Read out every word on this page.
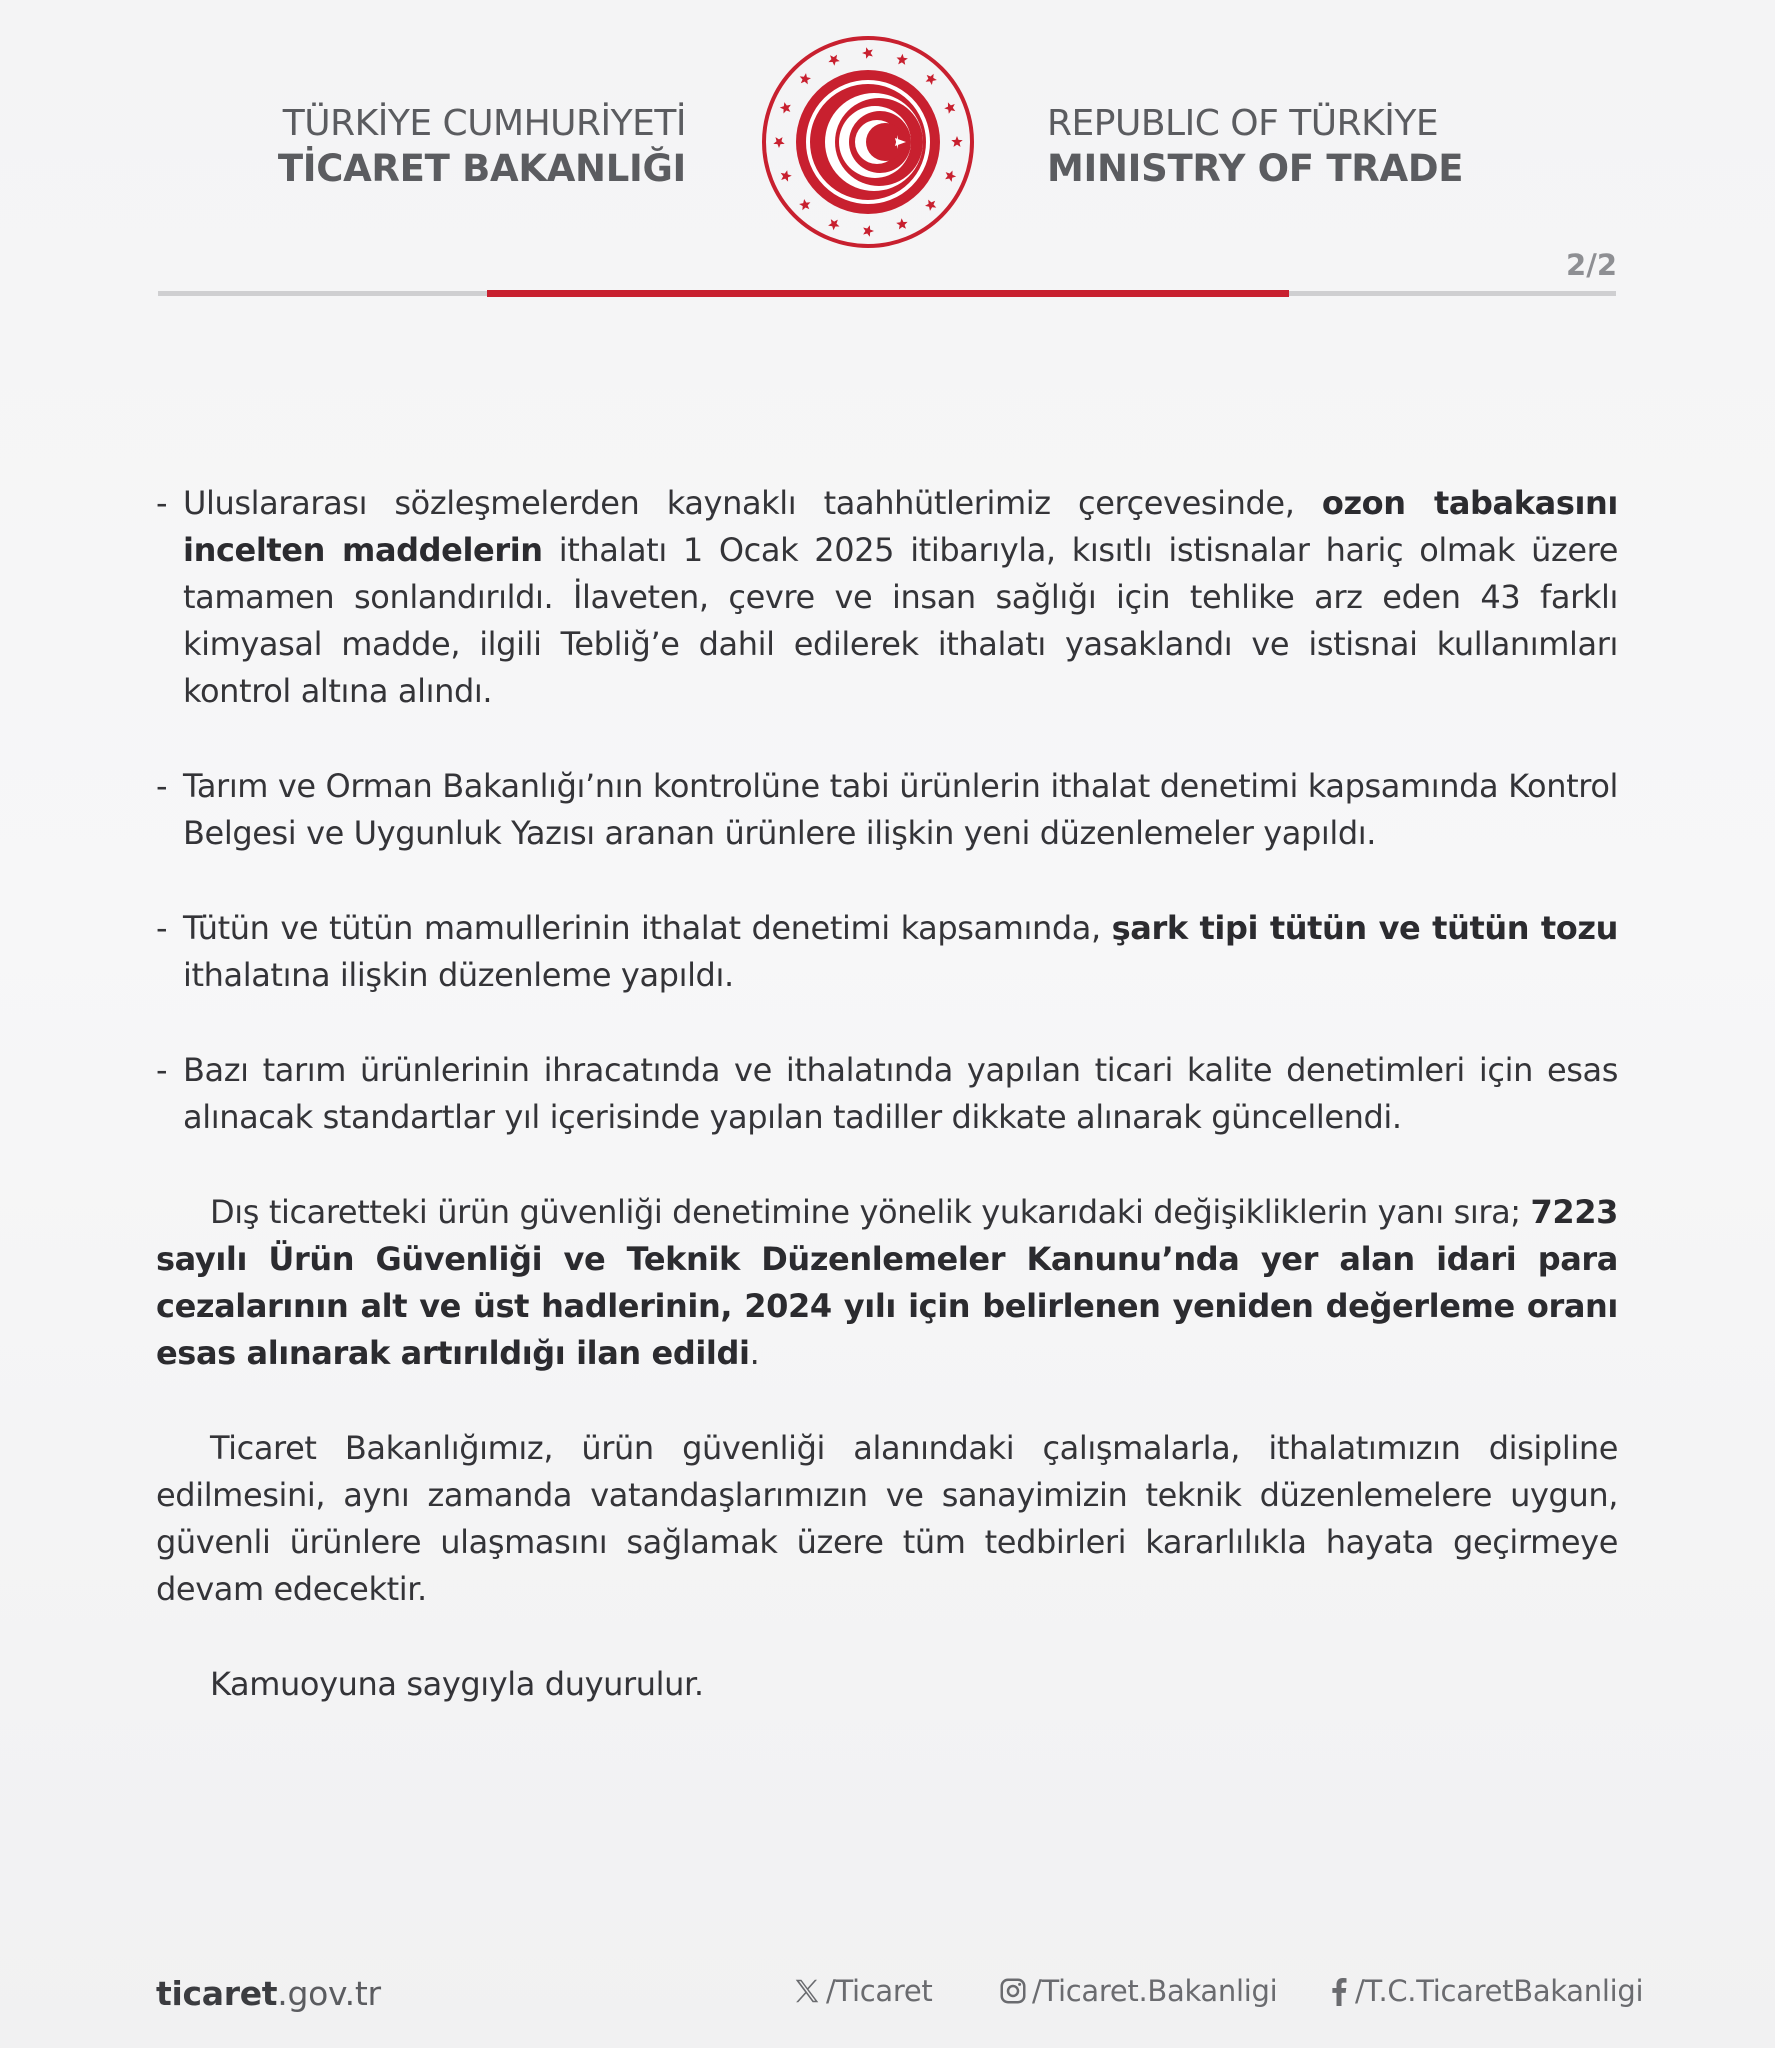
TÜRKİYE CUMHURİYETİ
TİCARET BAKANLIĞI
REPUBLIC OF TÜRKİYE
MINISTRY OF TRADE
2/2
- Uluslararası sözleşmelerden kaynaklı taahhütlerimiz çerçevesinde, ozon tabakasını incelten maddelerin ithalatı 1 Ocak 2025 itibarıyla, kısıtlı istisnalar hariç olmak üzere tamamen sonlandırıldı. İlaveten, çevre ve insan sağlığı için tehlike arz eden 43 farklı kimyasal madde, ilgili Tebliğ’e dahil edilerek ithalatı yasaklandı ve istisnai kullanımları kontrol altına alındı.
- Tarım ve Orman Bakanlığı’nın kontrolüne tabi ürünlerin ithalat denetimi kapsamında Kontrol Belgesi ve Uygunluk Yazısı aranan ürünlere ilişkin yeni düzenlemeler yapıldı.
- Tütün ve tütün mamullerinin ithalat denetimi kapsamında, şark tipi tütün ve tütün tozu ithalatına ilişkin düzenleme yapıldı.
- Bazı tarım ürünlerinin ihracatında ve ithalatında yapılan ticari kalite denetimleri için esas alınacak standartlar yıl içerisinde yapılan tadiller dikkate alınarak güncellendi.

Dış ticaretteki ürün güvenliği denetimine yönelik yukarıdaki değişikliklerin yanı sıra; 7223 sayılı Ürün Güvenliği ve Teknik Düzenlemeler Kanunu’nda yer alan idari para cezalarının alt ve üst hadlerinin, 2024 yılı için belirlenen yeniden değerleme oranı esas alınarak artırıldığı ilan edildi.

Ticaret Bakanlığımız, ürün güvenliği alanındaki çalışmalarla, ithalatımızın disipline edilmesini, aynı zamanda vatandaşlarımızın ve sanayimizin teknik düzenlemelere uygun, güvenli ürünlere ulaşmasını sağlamak üzere tüm tedbirleri kararlılıkla hayata geçirmeye devam edecektir.

Kamuoyuna saygıyla duyurulur.

ticaret.gov.tr	/Ticaret	/Ticaret.Bakanligi	/T.C.TicaretBakanligi
